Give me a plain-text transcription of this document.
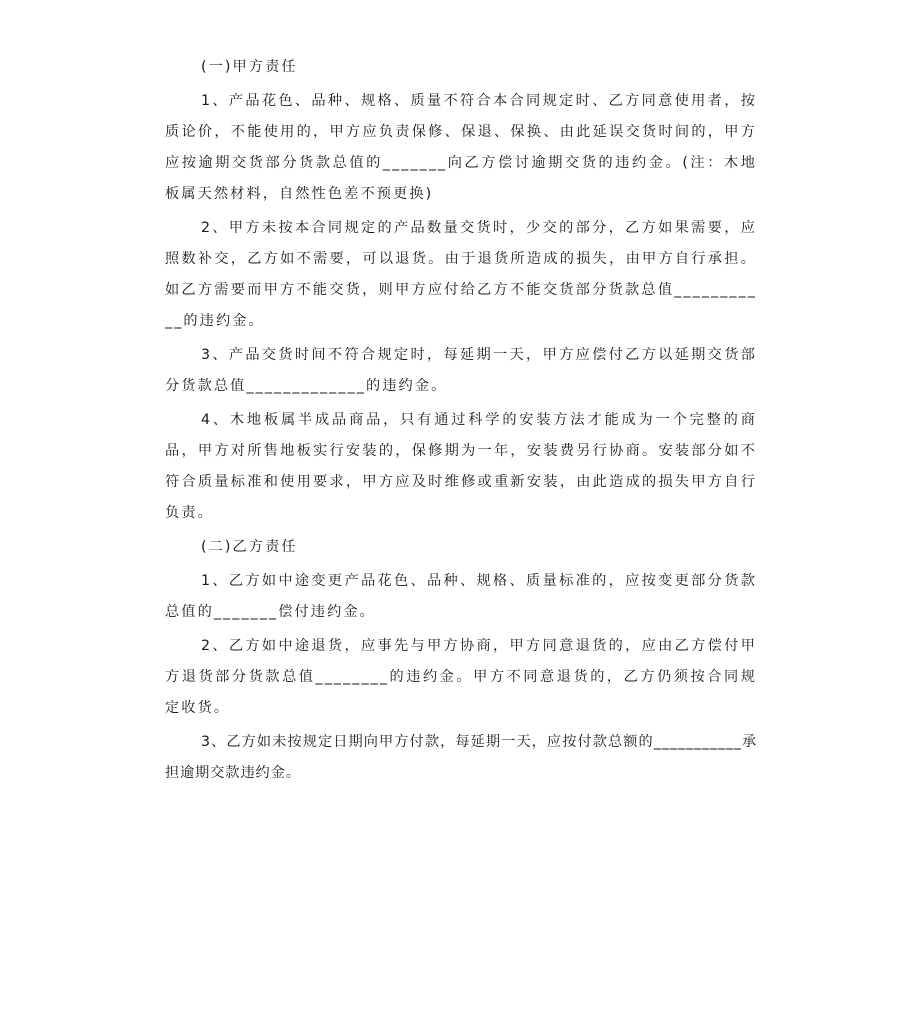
(一)甲方责任

1、产品花色、品种、规格、质量不符合本合同规定时、乙方同意使用者，按质论价，不能使用的，甲方应负责保修、保退、保换、由此延误交货时间的，甲方应按逾期交货部分货款总值的_______向乙方偿讨逾期交货的违约金。(注：木地板属天然材料，自然性色差不预更换)

2、甲方未按本合同规定的产品数量交货时，少交的部分，乙方如果需要，应照数补交，乙方如不需要，可以退货。由于退货所造成的损失，由甲方自行承担。如乙方需要而甲方不能交货，则甲方应付给乙方不能交货部分货款总值___________的违约金。

3、产品交货时间不符合规定时，每延期一天，甲方应偿付乙方以延期交货部分货款总值_____________的违约金。

4、木地板属半成品商品，只有通过科学的安装方法才能成为一个完整的商品，甲方对所售地板实行安装的，保修期为一年，安装费另行协商。安装部分如不符合质量标准和使用要求，甲方应及时维修或重新安装，由此造成的损失甲方自行负责。

(二)乙方责任

1、乙方如中途变更产品花色、品种、规格、质量标准的，应按变更部分货款总值的_______偿付违约金。

2、乙方如中途退货，应事先与甲方协商，甲方同意退货的，应由乙方偿付甲方退货部分货款总值________的违约金。甲方不同意退货的，乙方仍须按合同规定收货。

3、乙方如未按规定日期向甲方付款，每延期一天，应按付款总额的___________承担逾期交款违约金。
